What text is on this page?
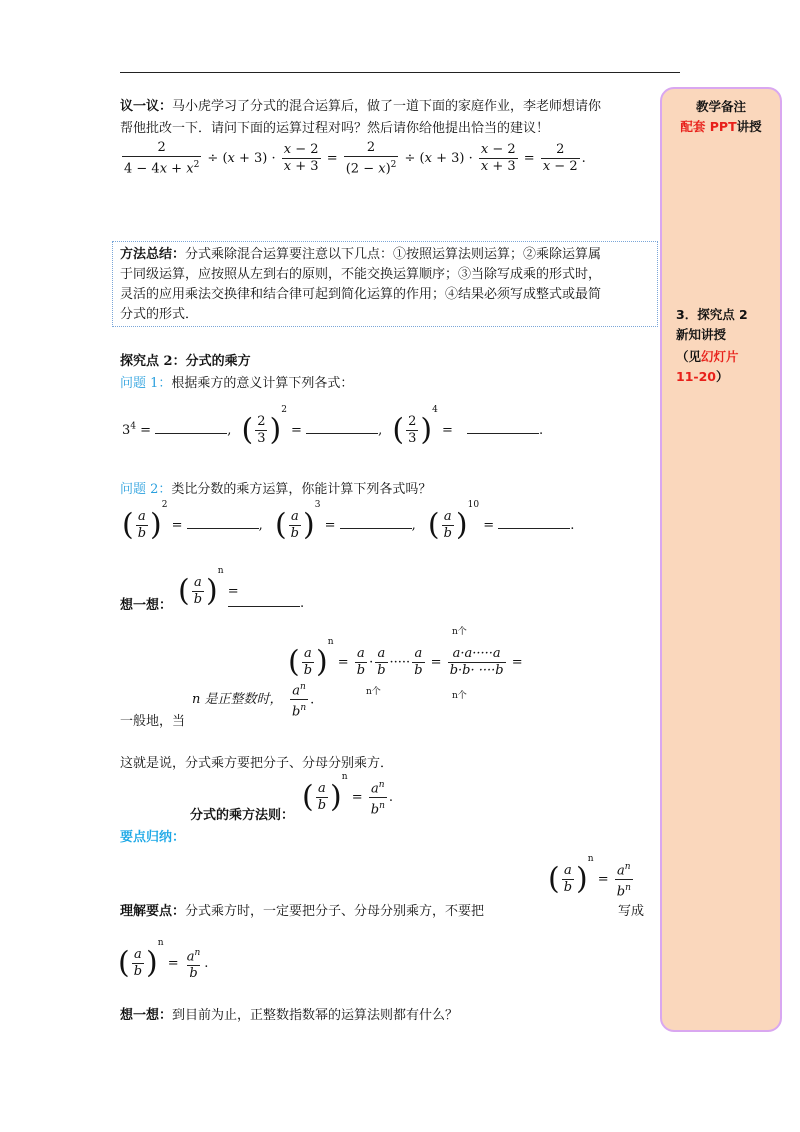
教学备注
配套 PPT讲授
3．探究点 2
新知讲授
（见幻灯片
11-20）
议一议：马小虎学习了分式的混合运算后，做了一道下面的家庭作业，李老师想请你
帮他批改一下．请问下面的运算过程对吗？然后请你给他提出恰当的建议！
$\frac{2}{4 - 4x + x^2} \div (x + 3) \cdot \frac{x - 2}{x + 3} = \frac{2}{(2 - x)^2} \div (x + 3) \cdot \frac{x - 2}{x + 3} = \frac{2}{x - 2}$ .
方法总结：分式乘除混合运算要注意以下几点：①按照运算法则运算；②乘除运算属
于同级运算，应按照从左到右的原则，不能交换运算顺序；③当除写成乘的形式时，
灵活的应用乘法交换律和结合律可起到简化运算的作用；④结果必须写成整式或最简
分式的形式．
探究点 2：分式的乘方
问题 1：根据乘方的意义计算下列各式：
$3^4$ =	, ( $\frac{2}{3} )^2$ =	, ( $\frac{2}{3} )^4$ =	.
问题 2：类比分数的乘方运算，你能计算下列各式吗？
( $\frac{a}{b} )^2$ =	, ( $\frac{a}{b} )^3$ =	, ( $\frac{a}{b} )^{10}$ =	.
( $\frac{a}{b} )^n$ =
想一想：	.
n个
( $\frac{a}{b} )^n = \frac{a}{b} \cdot \frac{a}{b}$ ····· $\frac{a}{b} = \frac{a\cdot a\cdot\cdot\cdot\cdot\cdot a}{b\cdot b\cdot \cdot\cdot\cdot\cdot b}$ =
$\frac{a^n}{b^n}$ .
n个	n个
n 是正整数时，
一般地，当
这就是说，分式乘方要把分子、分母分别乘方．
( $\frac{a}{b} )^n = \frac{a^n}{b^n}$ .
分式的乘方法则：
要点归纳：
( $\frac{a}{b} )^n = \frac{a^n}{b^n}$
理解要点：分式乘方时，一定要把分子、分母分别乘方，不要把	写成
( $\frac{a}{b} )^n = \frac{a^n}{b}$ .
想一想：到目前为止，正整数指数幂的运算法则都有什么？
